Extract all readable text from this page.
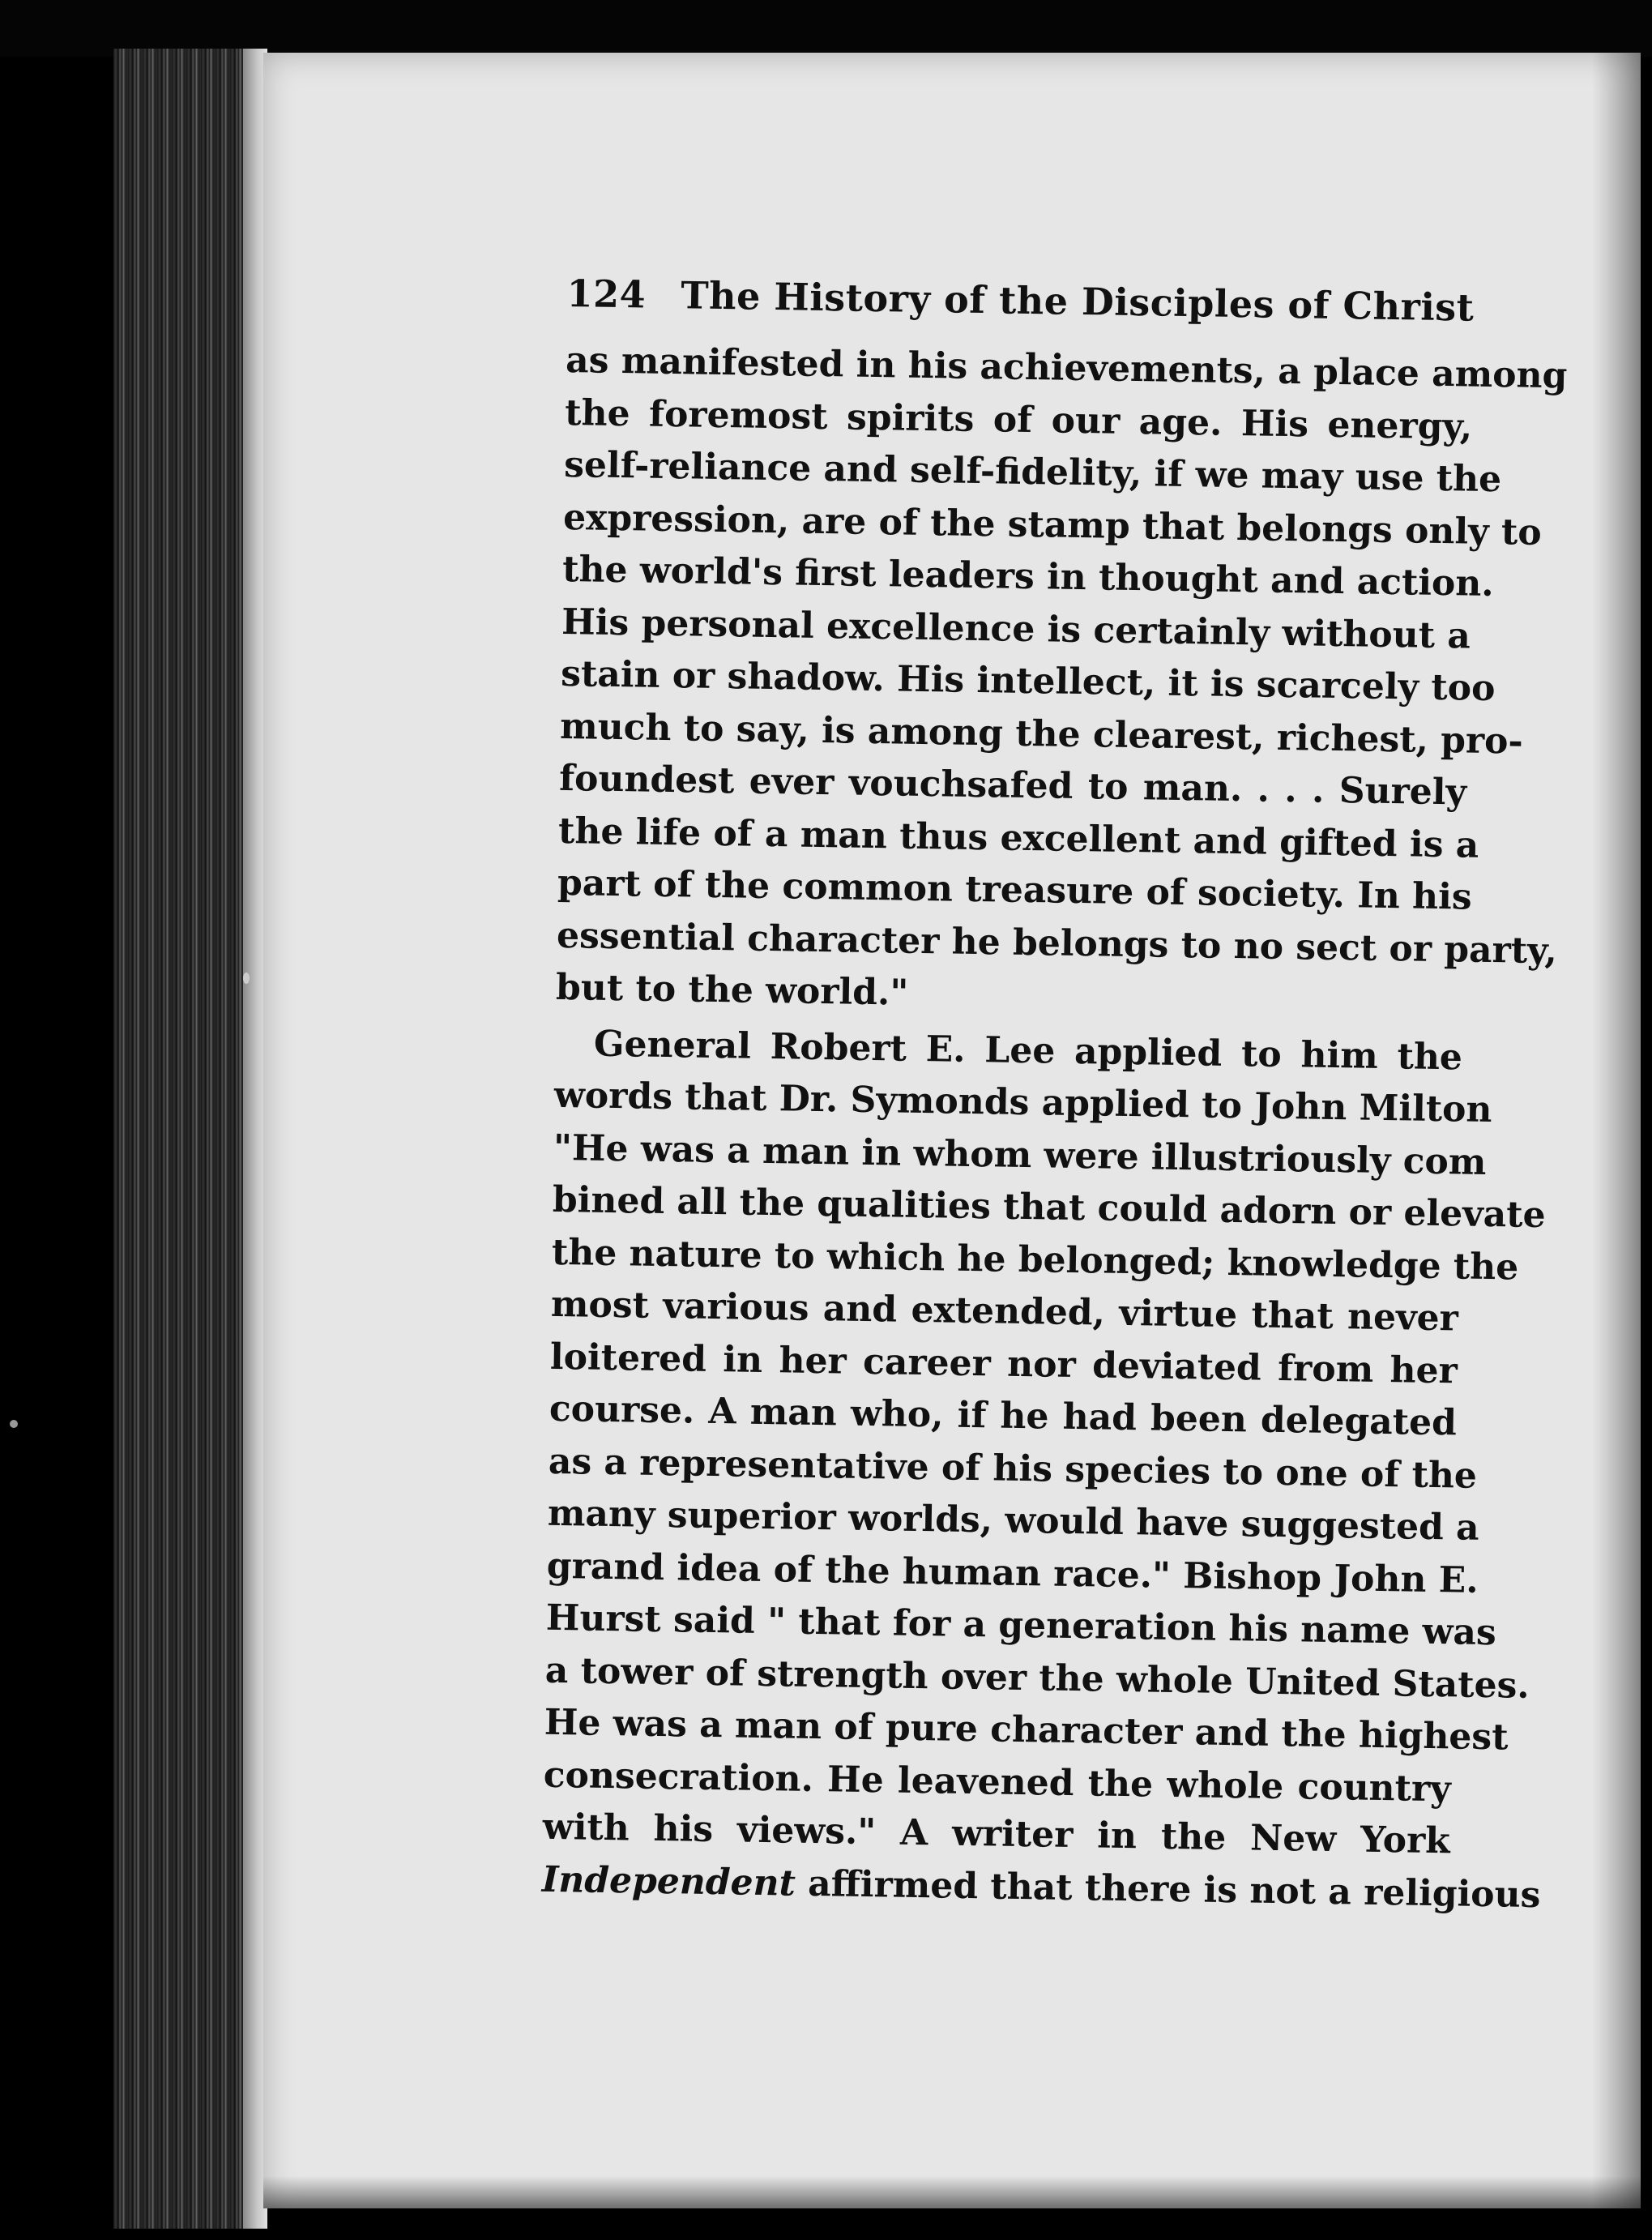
124 The History of the Disciples of Christ
as manifested in his achievements, a place among
the foremost spirits of our age. His energy,
self-reliance and self-fidelity, if we may use the
expression, are of the stamp that belongs only to
the world's first leaders in thought and action.
His personal excellence is certainly without a
stain or shadow. His intellect, it is scarcely too
much to say, is among the clearest, richest, pro-
foundest ever vouchsafed to man. . . . Surely
the life of a man thus excellent and gifted is a
part of the common treasure of society. In his
essential character he belongs to no sect or party,
but to the world."
General Robert E. Lee applied to him the
words that Dr. Symonds applied to John Milton
"He was a man in whom were illustriously com
bined all the qualities that could adorn or elevate
the nature to which he belonged; knowledge the
most various and extended, virtue that never
loitered in her career nor deviated from her
course. A man who, if he had been delegated
as a representative of his species to one of the
many superior worlds, would have suggested a
grand idea of the human race." Bishop John E.
Hurst said " that for a generation his name was
a tower of strength over the whole United States.
He was a man of pure character and the highest
consecration. He leavened the whole country
with his views." A writer in the New York
Independent affirmed that there is not a religious
